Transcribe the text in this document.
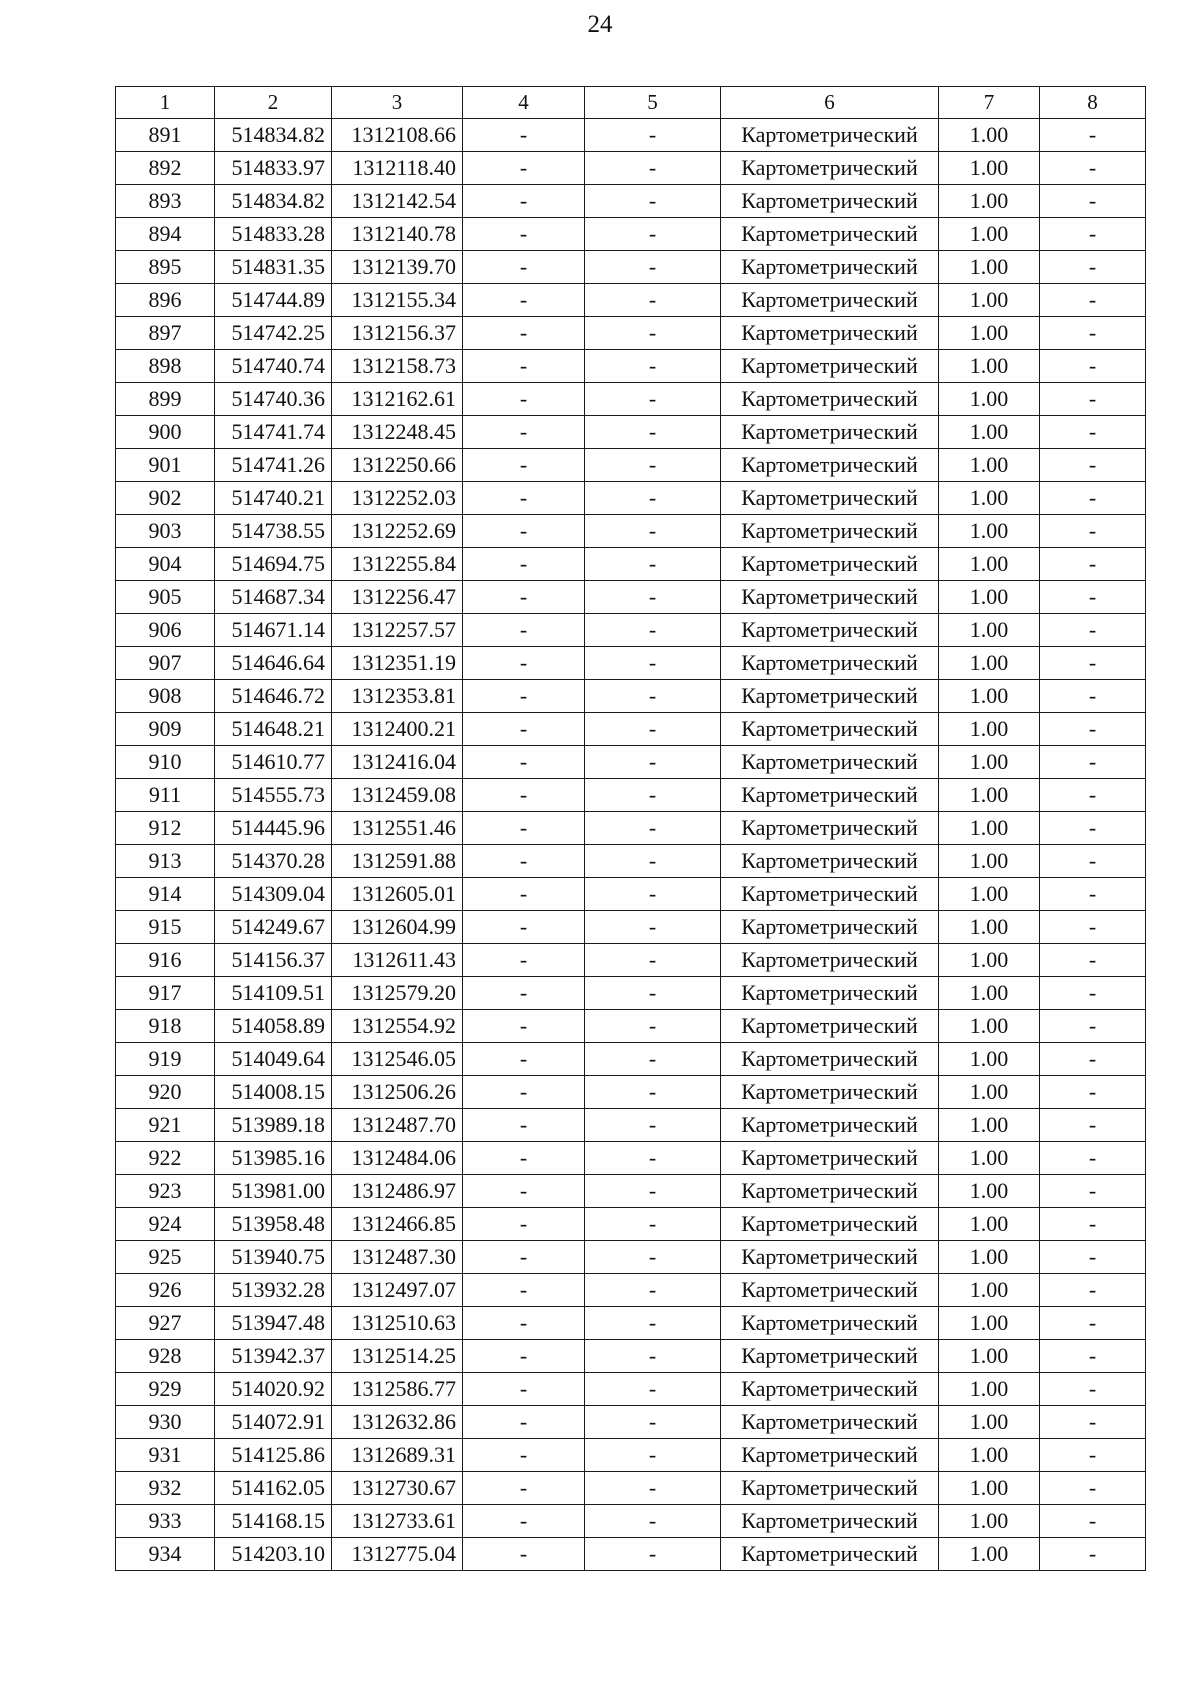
24
1	2	3	4	5	6	7	8
891	514834.82	1312108.66	-	-	Картометрический	1.00	-
892	514833.97	1312118.40	-	-	Картометрический	1.00	-
893	514834.82	1312142.54	-	-	Картометрический	1.00	-
894	514833.28	1312140.78	-	-	Картометрический	1.00	-
895	514831.35	1312139.70	-	-	Картометрический	1.00	-
896	514744.89	1312155.34	-	-	Картометрический	1.00	-
897	514742.25	1312156.37	-	-	Картометрический	1.00	-
898	514740.74	1312158.73	-	-	Картометрический	1.00	-
899	514740.36	1312162.61	-	-	Картометрический	1.00	-
900	514741.74	1312248.45	-	-	Картометрический	1.00	-
901	514741.26	1312250.66	-	-	Картометрический	1.00	-
902	514740.21	1312252.03	-	-	Картометрический	1.00	-
903	514738.55	1312252.69	-	-	Картометрический	1.00	-
904	514694.75	1312255.84	-	-	Картометрический	1.00	-
905	514687.34	1312256.47	-	-	Картометрический	1.00	-
906	514671.14	1312257.57	-	-	Картометрический	1.00	-
907	514646.64	1312351.19	-	-	Картометрический	1.00	-
908	514646.72	1312353.81	-	-	Картометрический	1.00	-
909	514648.21	1312400.21	-	-	Картометрический	1.00	-
910	514610.77	1312416.04	-	-	Картометрический	1.00	-
911	514555.73	1312459.08	-	-	Картометрический	1.00	-
912	514445.96	1312551.46	-	-	Картометрический	1.00	-
913	514370.28	1312591.88	-	-	Картометрический	1.00	-
914	514309.04	1312605.01	-	-	Картометрический	1.00	-
915	514249.67	1312604.99	-	-	Картометрический	1.00	-
916	514156.37	1312611.43	-	-	Картометрический	1.00	-
917	514109.51	1312579.20	-	-	Картометрический	1.00	-
918	514058.89	1312554.92	-	-	Картометрический	1.00	-
919	514049.64	1312546.05	-	-	Картометрический	1.00	-
920	514008.15	1312506.26	-	-	Картометрический	1.00	-
921	513989.18	1312487.70	-	-	Картометрический	1.00	-
922	513985.16	1312484.06	-	-	Картометрический	1.00	-
923	513981.00	1312486.97	-	-	Картометрический	1.00	-
924	513958.48	1312466.85	-	-	Картометрический	1.00	-
925	513940.75	1312487.30	-	-	Картометрический	1.00	-
926	513932.28	1312497.07	-	-	Картометрический	1.00	-
927	513947.48	1312510.63	-	-	Картометрический	1.00	-
928	513942.37	1312514.25	-	-	Картометрический	1.00	-
929	514020.92	1312586.77	-	-	Картометрический	1.00	-
930	514072.91	1312632.86	-	-	Картометрический	1.00	-
931	514125.86	1312689.31	-	-	Картометрический	1.00	-
932	514162.05	1312730.67	-	-	Картометрический	1.00	-
933	514168.15	1312733.61	-	-	Картометрический	1.00	-
934	514203.10	1312775.04	-	-	Картометрический	1.00	-
